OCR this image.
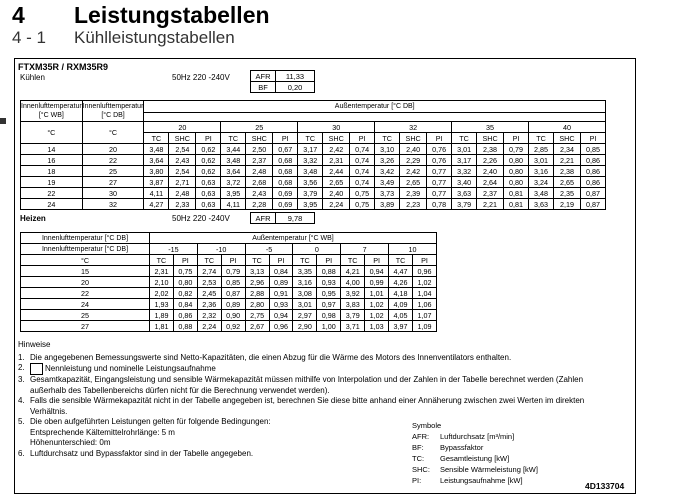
4 Leistungstabellen
4 - 1 Kühlleistungstabellen
FTXM35R / RXM35R9
Kühlen	50Hz 220 -240V	AFR	11,33
BF	0,20
Innenlufttemperatur [°C WB]	Innenlufttemperatur [°C DB]	Außentemperatur [°C DB]																	

°C	°C	20			25			30			32			35			40		
		TC	SHC	PI	TC	SHC	PI	TC	SHC	PI	TC	SHC	PI	TC	SHC	PI	TC	SHC	PI
14	20	3,48	2,54	0,62	3,44	2,50	0,67	3,17	2,42	0,74	3,10	2,40	0,76	3,01	2,38	0,79	2,85	2,34	0,85
16	22	3,64	2,43	0,62	3,48	2,37	0,68	3,32	2,31	0,74	3,26	2,29	0,76	3,17	2,26	0,80	3,01	2,21	0,86
18	25	3,80	2,54	0,62	3,64	2,48	0,68	3,48	2,44	0,74	3,42	2,42	0,77	3,32	2,40	0,80	3,16	2,38	0,86
19	27	3,87	2,71	0,63	3,72	2,68	0,68	3,56	2,65	0,74	3,49	2,65	0,77	3,40	2,64	0,80	3,24	2,65	0,86
22	30	4,11	2,48	0,63	3,95	2,43	0,69	3,79	2,40	0,75	3,73	2,39	0,77	3,63	2,37	0,81	3,48	2,35	0,87
24	32	4,27	2,33	0,63	4,11	2,28	0,69	3,95	2,24	0,75	3,89	2,23	0,78	3,79	2,21	0,81	3,63	2,19	0,87
Heizen	50Hz 220 -240V	AFR	9,78
Innenlufttemperatur [°C DB]	Außentemperatur [°C WB]											
Innenlufttemperatur [°C DB]	-15		-10		-5		0		7		10	
°C	TC	PI	TC	PI	TC	PI	TC	PI	TC	PI	TC	PI
15	2,31	0,75	2,74	0,79	3,13	0,84	3,35	0,88	4,21	0,94	4,47	0,96
20	2,10	0,80	2,53	0,85	2,96	0,89	3,16	0,93	4,00	0,99	4,26	1,02
22	2,02	0,82	2,45	0,87	2,88	0,91	3,08	0,95	3,92	1,01	4,18	1,04
24	1,93	0,84	2,36	0,89	2,80	0,93	3,01	0,97	3,83	1,02	4,09	1,06
25	1,89	0,86	2,32	0,90	2,75	0,94	2,97	0,98	3,79	1,02	4,05	1,07
27	1,81	0,88	2,24	0,92	2,67	0,96	2,90	1,00	3,71	1,03	3,97	1,09
Hinweise
1. Die angegebenen Bemessungswerte sind Netto-Kapazitäten, die einen Abzug für die Wärme des Motors des Innenventilators enthalten.
2.	Nennleistung und nominelle Leistungsaufnahme
3. Gesamtkapazität, Eingangsleistung und sensible Wärmekapazität müssen mithilfe von Interpolation und der Zahlen in der Tabelle berechnet werden (Zahlen außerhalb des Tabellenbereichs dürfen nicht für die Berechnung verwendet werden).
4. Falls die sensible Wärmekapazität nicht in der Tabelle angegeben ist, berechnen Sie diese bitte anhand einer Annäherung zwischen zwei Werten im direkten Verhältnis.
5. Die oben aufgeführten Leistungen gelten für folgende Bedingungen:
Entsprechende Kältemittelrohrlänge: 5 m
Höhenunterschied: 0m
6. Luftdurchsatz und Bypassfaktor sind in der Tabelle angegeben.
Symbole
AFR:	Luftdurchsatz [m³/min]
BF:	Bypassfaktor
TC:	Gesamtleistung [kW]
SHC:	Sensible Wärmeleistung [kW]
PI:	Leistungsaufnahme [kW]
4D133704
